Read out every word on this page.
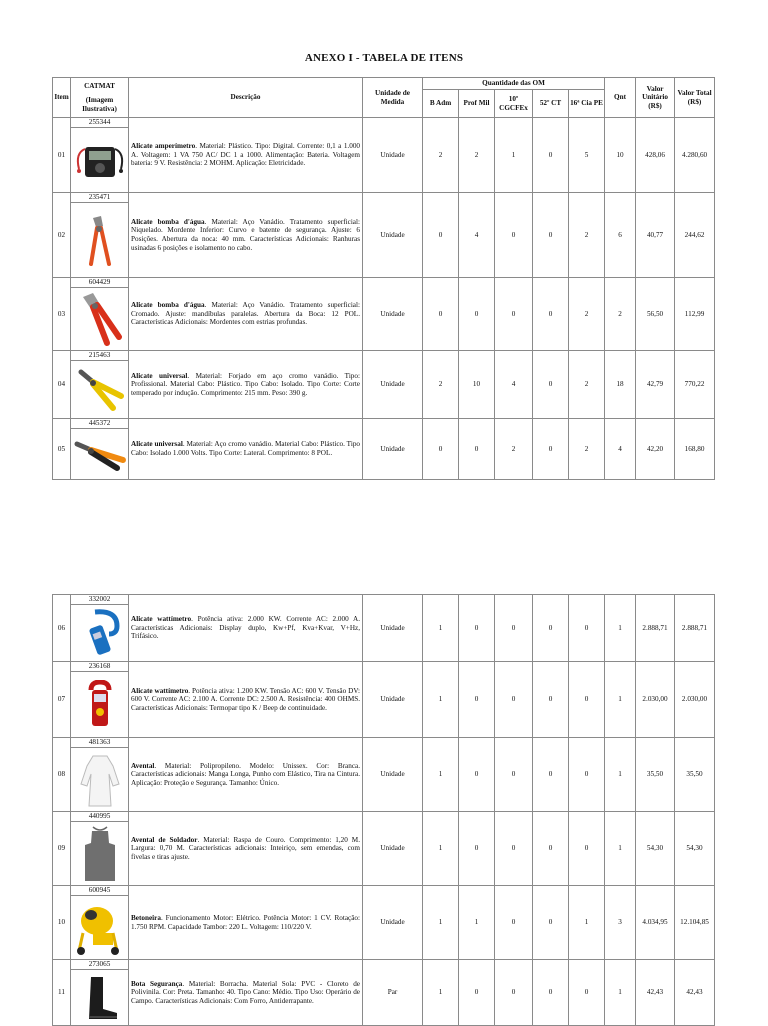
ANEXO I - TABELA DE ITENS
Item	CATMAT
(Imagem Ilustrativa)	Descrição	Unidade de Medida	Quantidade das OM					Qnt	Valor Unitário (R$)	Valor Total (R$)
				B Adm	Prof Mil	10º CGCFEx	52º CT	16ª Cia PE			
01	255344	Alicate amperímetro. Material: Plástico. Tipo: Digital. Corrente: 0,1 a 1.000 A. Voltagem: 1 VA 750 AC/ DC 1 a 1000. Alimentação: Bateria. Voltagem bateria: 9 V. Resistência: 2 MOHM. Aplicação: Eletricidade.	Unidade	2	2	1	0	5	10	428,06	4.280,60
02	235471	Alicate bomba d'água. Material: Aço Vanádio. Tratamento superficial: Niquelado. Mordente Inferior: Curvo e batente de segurança. Ajuste: 6 Posições. Abertura da noca: 40 mm. Características Adicionais: Ranhuras usinadas 6 posições e isolamento no cabo.	Unidade	0	4	0	0	2	6	40,77	244,62
03	604429	Alicate bomba d'água. Material: Aço Vanádio. Tratamento superficial: Cromado. Ajuste: mandíbulas paralelas. Abertura da Boca: 12 POL. Características Adicionais: Mordentes com estrias profundas.	Unidade	0	0	0	0	2	2	56,50	112,99
04	215463	Alicate universal. Material: Forjado em aço cromo vanádio. Tipo: Profissional. Material Cabo: Plástico. Tipo Cabo: Isolado. Tipo Corte: Corte temperado por indução. Comprimento: 215 mm. Peso: 390 g.	Unidade	2	10	4	0	2	18	42,79	770,22
05	445372	Alicate universal. Material: Aço cromo vanádio. Material Cabo: Plástico. Tipo Cabo: Isolado 1.000 Volts. Tipo Corte: Lateral. Comprimento: 8 POL.	Unidade	0	0	2	0	2	4	42,20	168,80
06	332002	Alicate wattímetro. Potência ativa: 2.000 KW. Corrente AC: 2.000 A. Características Adicionais: Display duplo, Kw+Pf, Kva+Kvar, V+Hz, Trifásico.	Unidade	1	0	0	0	0	1	2.888,71	2.888,71
07	236168	Alicate wattímetro. Potência ativa: 1.200 KW. Tensão AC: 600 V. Tensão DV: 600 V. Corrente AC: 2.100 A. Corrente DC: 2.500 A. Resistência: 400 OHMS. Características Adicionais: Termopar tipo K / Beep de continuidade.	Unidade	1	0	0	0	0	1	2.030,00	2.030,00
08	481363	Avental. Material: Polipropileno. Modelo: Unissex. Cor: Branca. Características adicionais: Manga Longa, Punho com Elástico, Tira na Cintura. Aplicação: Proteção e Segurança. Tamanho: Único.	Unidade	1	0	0	0	0	1	35,50	35,50
09	440995	Avental de Soldador. Material: Raspa de Couro. Comprimento: 1,20 M. Largura: 0,70 M. Características adicionais: Inteiriço, sem emendas, com fivelas e tiras ajuste.	Unidade	1	0	0	0	0	1	54,30	54,30
10	600945	Betoneira. Funcionamento Motor: Elétrico. Potência Motor: 1 CV. Rotação: 1.750 RPM. Capacidade Tambor: 220 L. Voltagem: 110/220 V.	Unidade	1	1	0	0	1	3	4.034,95	12.104,85
11	273065	Bota Segurança. Material: Borracha. Material Sola: PVC - Cloreto de Polivinila. Cor: Preta. Tamanho: 40. Tipo Cano: Médio. Tipo Uso: Operário de Campo. Características Adicionais: Com Forro, Antiderrapante.	Par	1	0	0	0	0	1	42,43	42,43
